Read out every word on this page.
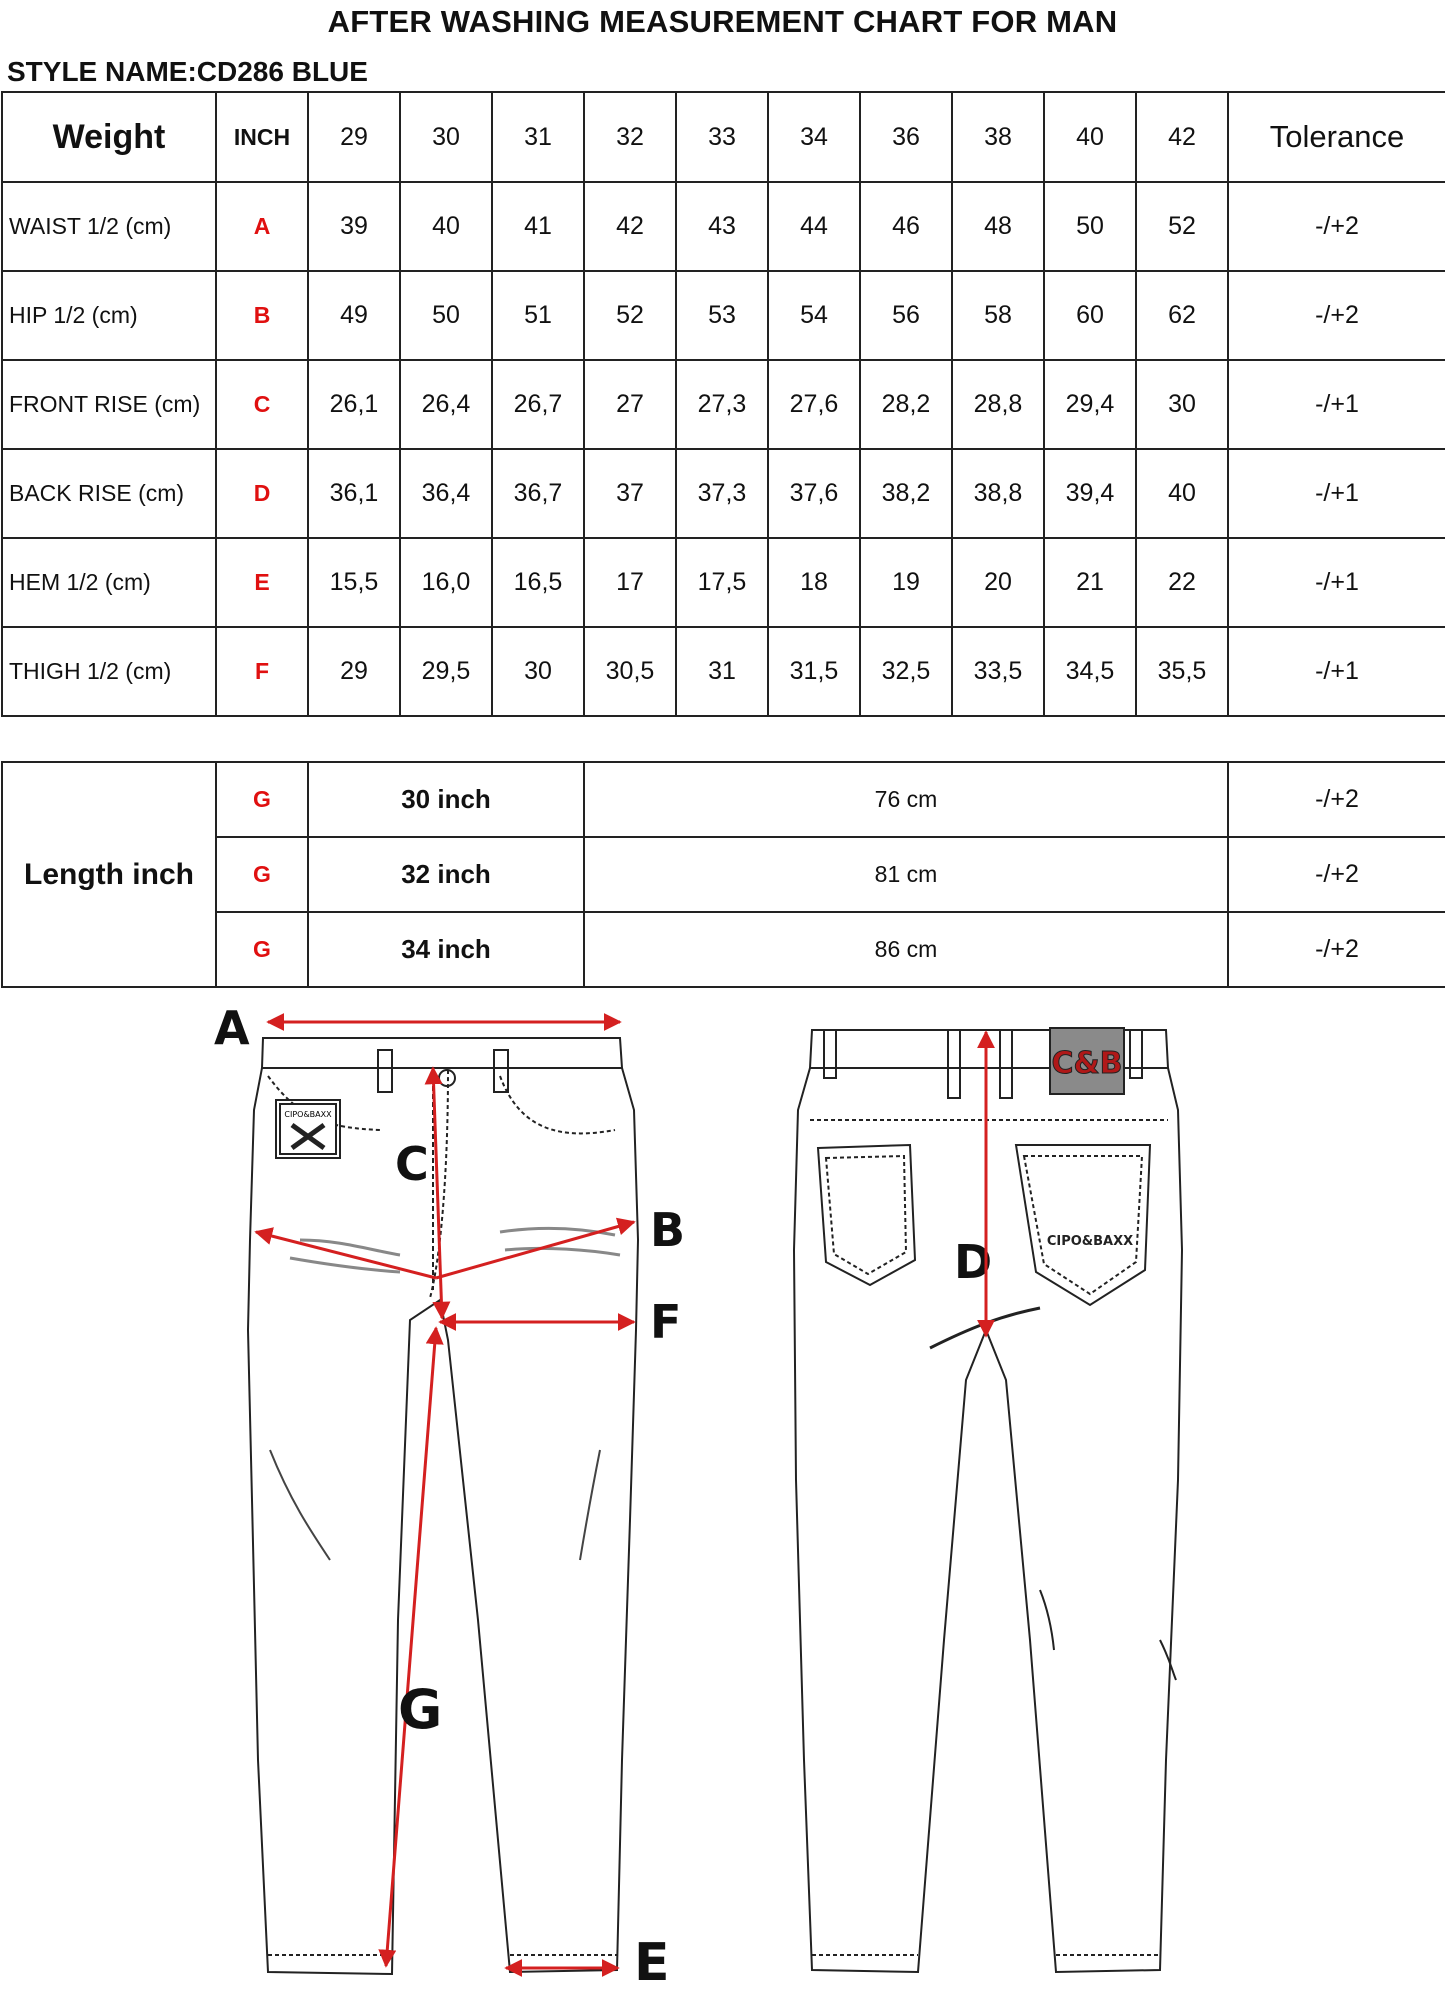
AFTER WASHING MEASUREMENT CHART FOR MAN
STYLE NAME:CD286 BLUE
Weight	INCH	29	30	31	32	33	34	36	38	40	42	Tolerance
WAIST 1/2 (cm)	A	39	40	41	42	43	44	46	48	50	52	-/+2
HIP 1/2 (cm)	B	49	50	51	52	53	54	56	58	60	62	-/+2
FRONT RISE (cm)	C	26,1	26,4	26,7	27	27,3	27,6	28,2	28,8	29,4	30	-/+1
BACK RISE (cm)	D	36,1	36,4	36,7	37	37,3	37,6	38,2	38,8	39,4	40	-/+1
HEM 1/2 (cm)	E	15,5	16,0	16,5	17	17,5	18	19	20	21	22	-/+1
THIGH 1/2 (cm)	F	29	29,5	30	30,5	31	31,5	32,5	33,5	34,5	35,5	-/+1
Length inch	G	30 inch	76 cm	-/+2
	G	32 inch	81 cm	-/+2
	G	34 inch	86 cm	-/+2
CIPO&BAXX
A
C
B
F
G
E
D
C&B
CIPO&BAXX
